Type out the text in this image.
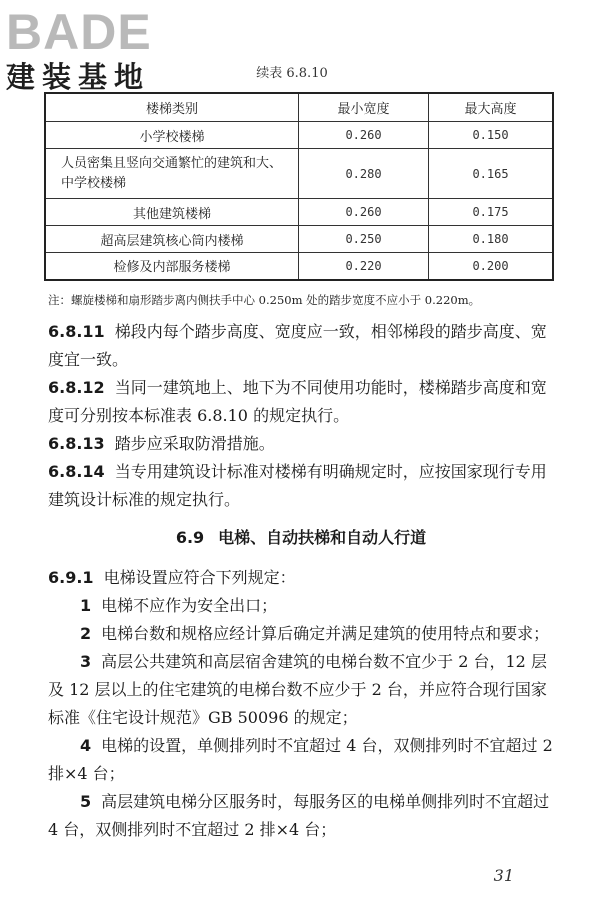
BADE
建装基地	续表 6.8.10
楼梯类别	最小宽度	最大高度
小学校楼梯	0.260	0.150

人员密集且竖向交通繁忙的建筑和大、中学校楼梯	0.280	0.165
其他建筑楼梯	0.260	0.175
超高层建筑核心筒内楼梯	0.250	0.180
检修及内部服务楼梯	0.220	0.200
注：螺旋楼梯和扇形踏步离内侧扶手中心 0.250m 处的踏步宽度不应小于 0.220m。

6.8.11 梯段内每个踏步高度、宽度应一致，相邻梯段的踏步高度、宽度宜一致。

6.8.12 当同一建筑地上、地下为不同使用功能时，楼梯踏步高度和宽度可分别按本标准表 6.8.10 的规定执行。

6.8.13 踏步应采取防滑措施。

6.8.14 当专用建筑设计标准对楼梯有明确规定时，应按国家现行专用建筑设计标准的规定执行。

6.9 电梯、自动扶梯和自动人行道

6.9.1 电梯设置应符合下列规定：

1 电梯不应作为安全出口；

2 电梯台数和规格应经计算后确定并满足建筑的使用特点和要求；

3 高层公共建筑和高层宿舍建筑的电梯台数不宜少于 2 台，12 层及 12 层以上的住宅建筑的电梯台数不应少于 2 台，并应符合现行国家标准《住宅设计规范》GB 50096 的规定；

4 电梯的设置，单侧排列时不宜超过 4 台，双侧排列时不宜超过 2 排×4 台；

5 高层建筑电梯分区服务时，每服务区的电梯单侧排列时不宜超过 4 台，双侧排列时不宜超过 2 排×4 台；

31
